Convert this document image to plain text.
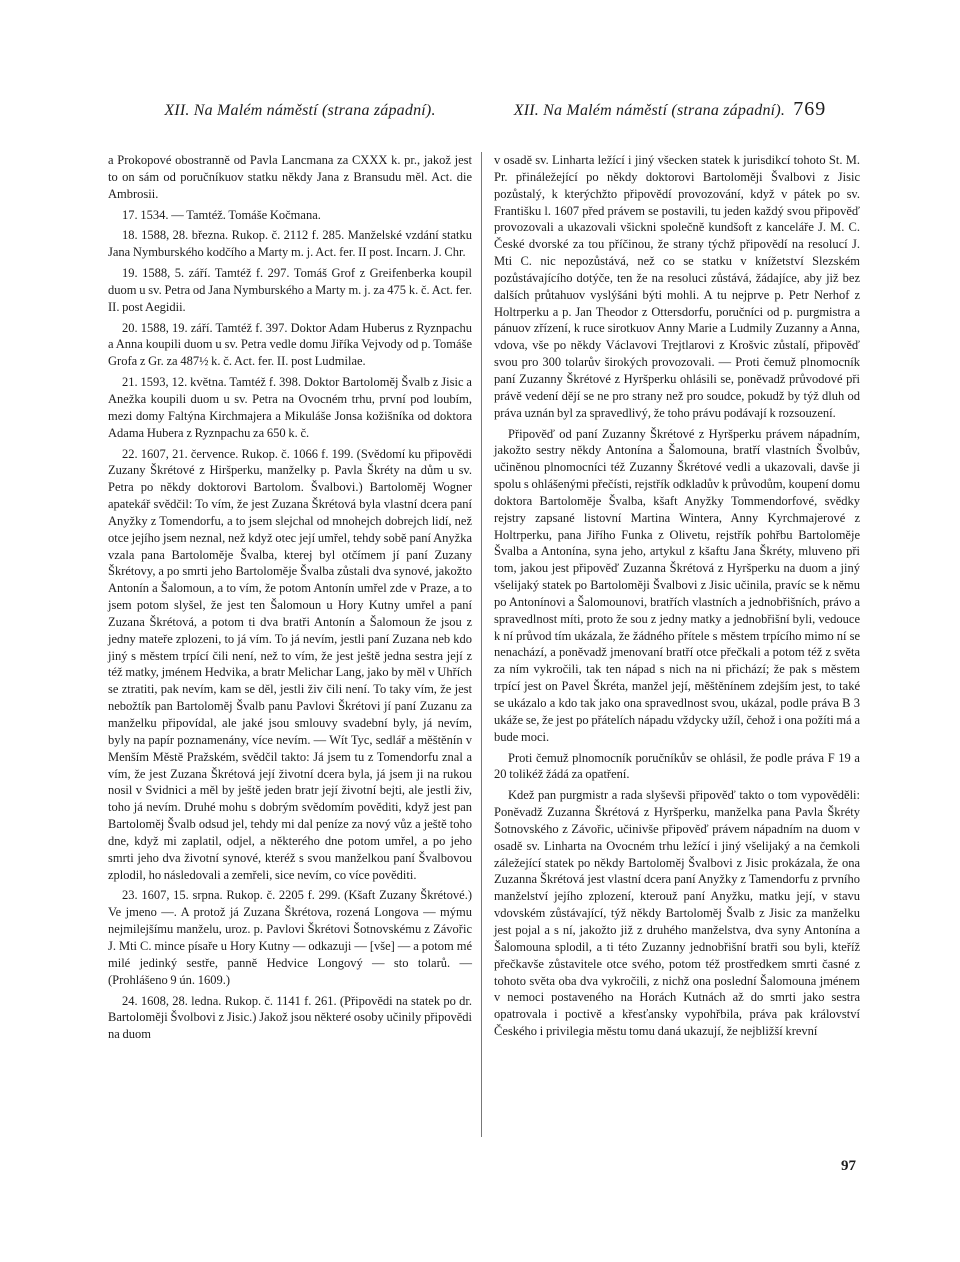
XII. Na Malém náměstí (strana západní).	XII. Na Malém náměstí (strana západní). 769

a Prokopové obostranně od Pavla Lancmana za CXXX k. pr., jakož jest to on sám od poručníkuov statku někdy Jana z Bransudu měl. Act. die Ambrosii.

17. 1534. — Tamtéž. Tomáše Kočmana.

18. 1588, 28. března. Rukop. č. 2112 f. 285. Manželské vzdání statku Jana Nymburského kodčího a Marty m. j. Act. fer. II post. Incarn. J. Chr.

19. 1588, 5. září. Tamtéž f. 297. Tomáš Grof z Greifenberka koupil duom u sv. Petra od Jana Nymburského a Marty m. j. za 475 k. č. Act. fer. II. post Aegidii.

20. 1588, 19. září. Tamtéž f. 397. Doktor Adam Huberus z Ryznpachu a Anna koupili duom u sv. Petra vedle domu Jiříka Vejvody od p. Tomáše Grofa z Gr. za 487½ k. č. Act. fer. II. post Ludmilae.

21. 1593, 12. května. Tamtéž f. 398. Doktor Bartoloměj Švalb z Jisic a Anežka koupili duom u sv. Petra na Ovocném trhu, první pod loubím, mezi domy Faltýna Kirchmajera a Mikuláše Jonsa kožišníka od doktora Adama Hubera z Ryznpachu za 650 k. č.

22. 1607, 21. července. Rukop. č. 1066 f. 199. (Svědomí ku připovědi Zuzany Škrétové z Hiršperku, manželky p. Pavla Škréty na dům u sv. Petra po někdy doktorovi Bartolom. Švalbovi.) Bartoloměj Wogner apatekář svědčil: To vím, že jest Zuzana Škrétová byla vlastní dcera paní Anyžky z Tomendorfu, a to jsem slejchal od mnohejch dobrejch lidí, než otce jejího jsem neznal, než když otec její umřel, tehdy sobě paní Anyžka vzala pana Bartoloměje Švalba, kterej byl otčímem jí paní Zuzany Škrétovy, a po smrti jeho Bartoloměje Švalba zůstali dva synové, jakožto Antonín a Šalomoun, a to vím, že potom Antonín umřel zde v Praze, a to jsem potom slyšel, že jest ten Šalomoun u Hory Kutny umřel a paní Zuzana Škrétová, a potom ti dva bratři Antonín a Šalomoun že jsou z jedny mateře zplozeni, to já vím. To já nevím, jestli paní Zuzana neb kdo jiný s městem trpící čili není, než to vím, že jest ještě jedna sestra její z též matky, jménem Hedvika, a bratr Melichar Lang, jako by měl v Uhřích se ztratiti, pak nevím, kam se děl, jestli živ čili není. To taky vím, že jest nebožtík pan Bartoloměj Švalb panu Pavlovi Škrétovi jí paní Zuzanu za manželku připovídal, ale jaké jsou smlouvy svadební byly, já nevím, byly na papír poznamenány, více nevím. — Wít Tyc, sedlář a měštěnín v Menším Městě Pražském, svědčil takto: Já jsem tu z Tomendorfu znal a vím, že jest Zuzana Škrétová její životní dcera byla, já jsem ji na rukou nosil v Svidnici a měl by ještě jeden bratr její životní bejti, ale jestli živ, toho já nevím. Druhé mohu s dobrým svědomím pověditi, když jest pan Bartoloměj Švalb odsud jel, tehdy mi dal peníze za nový vůz a ještě toho dne, když mi zaplatil, odjel, a některého dne potom umřel, a po jeho smrti jeho dva životní synové, kteréž s svou manželkou paní Švalbovou zplodil, ho následovali a zemřeli, sice nevím, co více pověditi.

23. 1607, 15. srpna. Rukop. č. 2205 f. 299. (Kšaft Zuzany Škrétové.) Ve jmeno —. A protož já Zuzana Škrétova, rozená Longova — mýmu nejmilejšímu manželu, uroz. p. Pavlovi Škrétovi Šotnovskému z Závořic J. Mti C. mince písaře u Hory Kutny — odkazuji — [vše] — a potom mé milé jedinký sestře, panně Hedvice Longový — sto tolarů. — (Prohlášeno 9 ún. 1609.)

24. 1608, 28. ledna. Rukop. č. 1141 f. 261. (Připovědi na statek po dr. Bartoloměji Švolbovi z Jisic.) Jakož jsou některé osoby učinily připovědi na duom

v osadě sv. Linharta ležící i jiný všecken statek k jurisdikcí tohoto St. M. Pr. přináležející po někdy doktorovi Bartoloměji Švalbovi z Jisic pozůstalý, k kterýchžto připovědí provozování, když v pátek po sv. Františku l. 1607 před právem se postavili, tu jeden každý svou připověď provozovali a ukazovali všickni společně kundšoft z kanceláře J. M. C. České dvorské za tou příčinou, že strany týchž připovědí na resolucí J. Mti C. nic nepozůstává, než co se statku v knížetství Slezském pozůstávajícího dotýče, ten že na resoluci zůstává, žádajíce, aby již bez dalších průtahuov vyslýšáni býti mohli. A tu nejprve p. Petr Nerhof z Holtrperku a p. Jan Theodor z Ottersdorfu, poručníci od p. purgmistra a pánuov zřízení, k ruce sirotkuov Anny Marie a Ludmily Zuzanny a Anna, vdova, vše po někdy Václavovi Trejtlarovi z Krošvic zůstalí, připověď svou pro 300 tolarův širokých provozovali. — Proti čemuž plnomocník paní Zuzanny Škrétové z Hyršperku ohlásili se, poněvadž průvodové při právě vedení dějí se ne pro strany než pro soudce, pokudž by týž dluh od práva uznán byl za spravedlivý, že toho právu podávají k rozsouzení.

Připověď od paní Zuzanny Škrétové z Hyršperku právem nápadním, jakožto sestry někdy Antonína a Šalomouna, bratří vlastních Švolbův, učiněnou plnomocníci též Zuzanny Škrétové vedli a ukazovali, davše ji spolu s ohlášenými přečísti, rejstřík odkladův k průvodům, koupení domu doktora Bartoloměje Švalba, kšaft Anyžky Tommendorfové, svědky rejstry zapsané listovní Martina Wintera, Anny Kyrchmajerové z Holtrperku, pana Jiřího Funka z Olivetu, rejstřík pohřbu Bartoloměje Švalba a Antonína, syna jeho, artykul z kšaftu Jana Škréty, mluveno při tom, jakou jest připověď Zuzanna Škrétová z Hyršperku na duom a jiný všelijaký statek po Bartoloměji Švalbovi z Jisic učinila, pravíc se k němu po Antonínovi a Šalomounovi, bratřích vlastních a jednobřišních, právo a spravedlnost míti, proto že sou z jedny matky a jednobřišní byli, vedouce k ní průvod tím ukázala, že žádného přítele s městem trpícího mimo ní se nenachází, a poněvadž jmenovaní bratří otce přečkali a potom též z světa za ním vykročili, tak ten nápad s nich na ni přichází; že pak s městem trpící jest on Pavel Škréta, manžel její, měštěnínem zdejším jest, to také se ukázalo a kdo tak jako ona spravedlnost svou, ukázal, podle práva B 3 ukáže se, že jest po přátelích nápadu vždycky užíl, čehož i ona požíti má a bude moci.

Proti čemuž plnomocník poručníkův se ohlásil, že podle práva F 19 a 20 tolikéž žádá za opatření.

Kdež pan purgmistr a rada slyševši připověď takto o tom vypověděli: Poněvadž Zuzanna Škrétová z Hyršperku, manželka pana Pavla Škréty Šotnovského z Závořic, učinivše připověď právem nápadním na duom v osadě sv. Linharta na Ovocném trhu ležící i jiný všelijaký a na čemkoli záležející statek po někdy Bartoloměj Švalbovi z Jisic prokázala, že ona Zuzanna Škrétová jest vlastní dcera paní Anyžky z Tamendorfu z prvního manželství jejího zplození, kterouž paní Anyžku, matku její, v stavu vdovském zůstávající, týž někdy Bartoloměj Švalb z Jisic za manželku jest pojal a s ní, jakožto již z druhého manželstva, dva syny Antonína a Šalomouna splodil, a ti této Zuzanny jednobřišní bratři sou byli, kteříž přečkavše zůstavitele otce svého, potom též prostředkem smrti časné z tohoto světa oba dva vykročili, z nichž ona poslední Šalomouna jménem v nemoci postaveného na Horách Kutnách až do smrti jako sestra opatrovala i poctivě a křesťansky vypohřbila, práva pak království Českého i privilegia městu tomu daná ukazují, že nejbližší krevní

97
